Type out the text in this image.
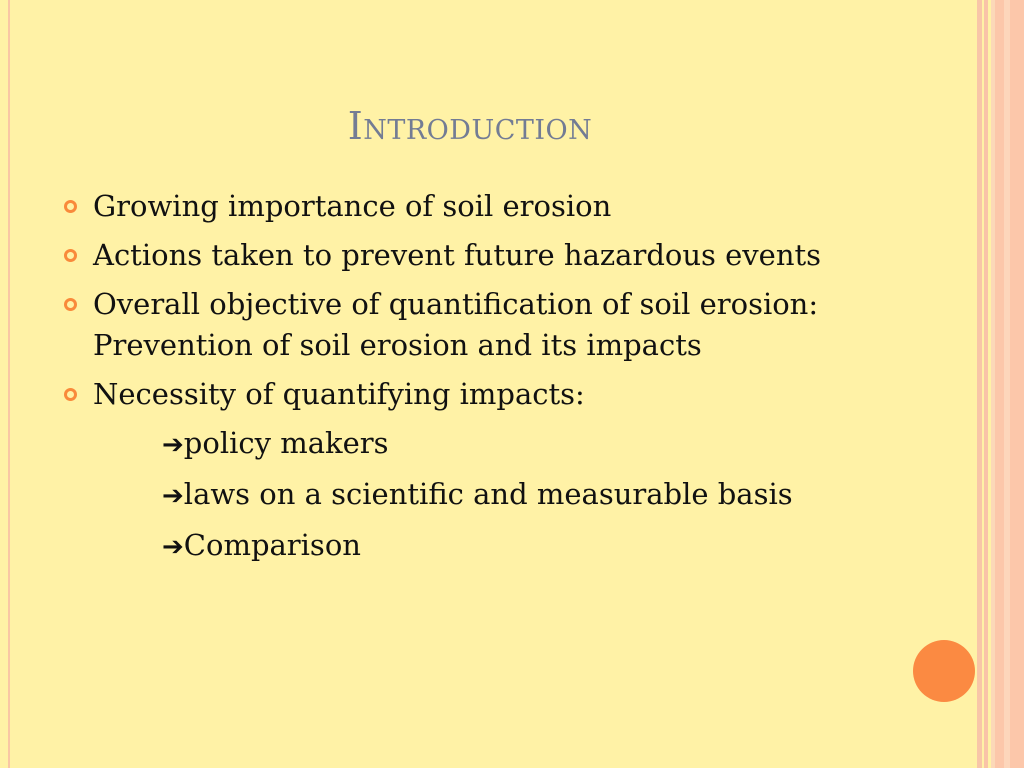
Introduction
Growing importance of soil erosion
Actions taken to prevent future hazardous events
Overall objective of quantification of soil erosion: Prevention of soil erosion and its impacts
Necessity of quantifying impacts:
➔policy makers
➔laws on a scientific and measurable basis
➔Comparison
